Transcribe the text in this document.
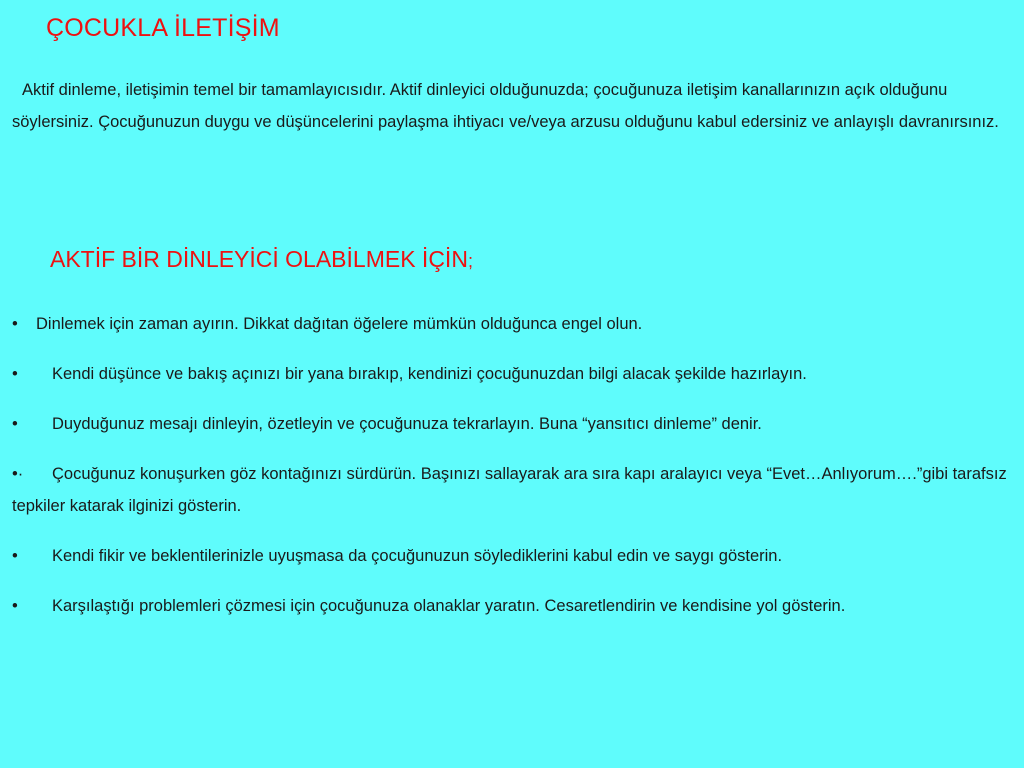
ÇOCUKLA İLETİŞİM

Aktif dinleme, iletişimin temel bir tamamlayıcısıdır. Aktif dinleyici olduğunuzda; çocuğunuza iletişim kanallarınızın açık olduğunu söylersiniz. Çocuğunuzun duygu ve düşüncelerini paylaşma ihtiyacı ve/veya arzusu olduğunu kabul edersiniz ve anlayışlı davranırsınız.

AKTİF BİR DİNLEYİCİ OLABİLMEK İÇİN;
• Dinlemek için zaman ayırın. Dikkat dağıtan öğelere mümkün olduğunca engel olun.
• Kendi düşünce ve bakış açınızı bir yana bırakıp, kendinizi çocuğunuzdan bilgi alacak şekilde hazırlayın.
• Duyduğunuz mesajı dinleyin, özetleyin ve çocuğunuza tekrarlayın. Buna “yansıtıcı dinleme” denir.
•· Çocuğunuz konuşurken göz kontağınızı sürdürün. Başınızı sallayarak ara sıra kapı aralayıcı veya “Evet…Anlıyorum….”gibi tarafsız tepkiler katarak ilginizi gösterin.
• Kendi fikir ve beklentilerinizle uyuşmasa da çocuğunuzun söylediklerini kabul edin ve saygı gösterin.
• Karşılaştığı problemleri çözmesi için çocuğunuza olanaklar yaratın. Cesaretlendirin ve kendisine yol gösterin.
